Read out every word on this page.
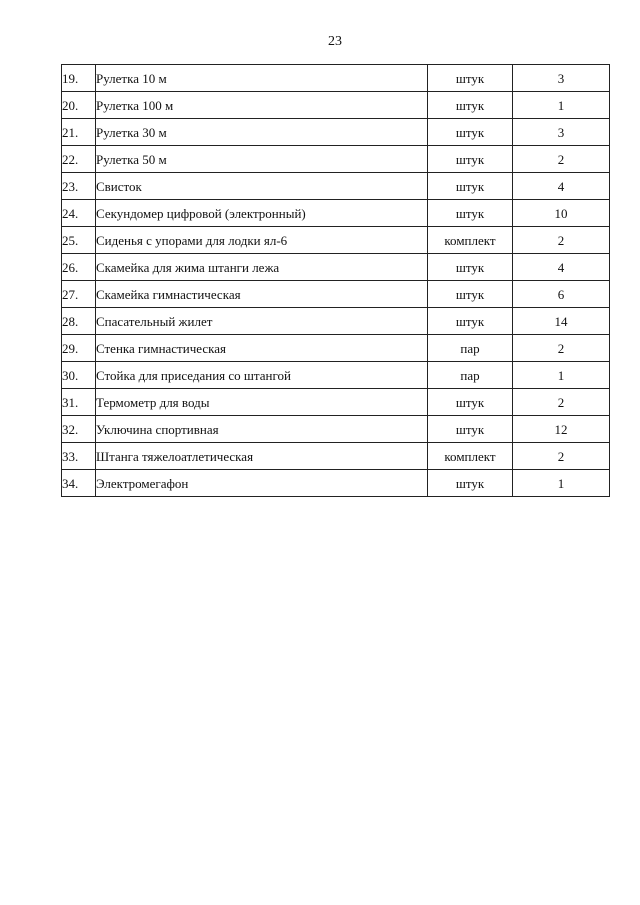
23
19.	Рулетка 10 м	штук	3
20.	Рулетка 100 м	штук	1
21.	Рулетка 30 м	штук	3
22.	Рулетка 50 м	штук	2
23.	Свисток	штук	4
24.	Секундомер цифровой (электронный)	штук	10
25.	Сиденья с упорами для лодки ял-6	комплект	2
26.	Скамейка для жима штанги лежа	штук	4
27.	Скамейка гимнастическая	штук	6
28.	Спасательный жилет	штук	14
29.	Стенка гимнастическая	пар	2
30.	Стойка для приседания со штангой	пар	1
31.	Термометр для воды	штук	2
32.	Уключина спортивная	штук	12
33.	Штанга тяжелоатлетическая	комплект	2
34.	Электромегафон	штук	1
